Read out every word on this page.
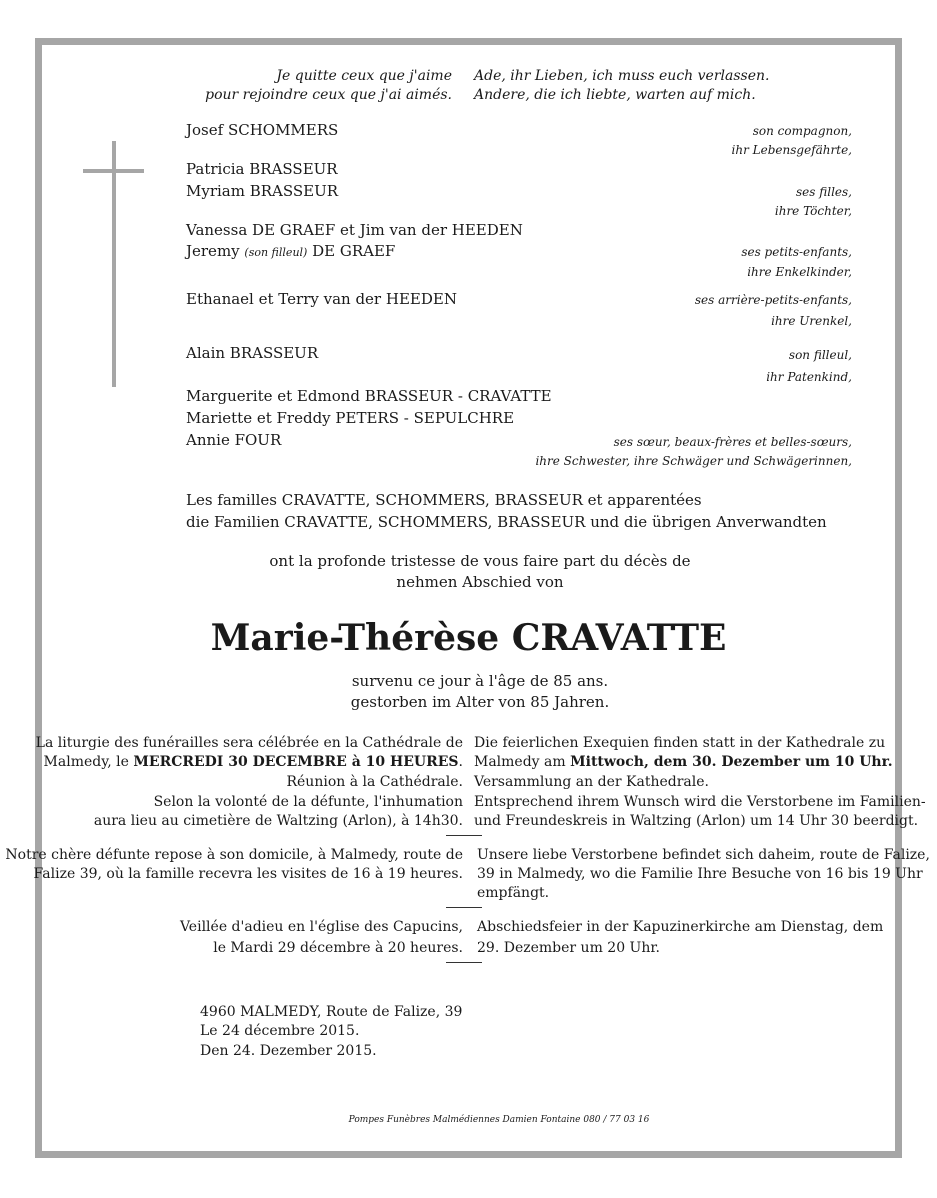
Je quitte ceux que j'aime
pour rejoindre ceux que j'ai aimés.
Ade, ihr Lieben, ich muss euch verlassen.
Andere, die ich liebte, warten auf mich.
Josef SCHOMMERS	son compagnon,
ihr Lebensgefährte,
Patricia BRASSEUR
Myriam BRASSEUR	ses filles,
ihre Töchter,
Vanessa DE GRAEF et Jim van der HEEDEN
Jeremy (son filleul) DE GRAEF	ses petits-enfants,
ihre Enkelkinder,
Ethanael et Terry van der HEEDEN	ses arrière-petits-enfants,
ihre Urenkel,
Alain BRASSEUR	son filleul,
ihr Patenkind,
Marguerite et Edmond BRASSEUR - CRAVATTE
Mariette et Freddy PETERS - SEPULCHRE
Annie FOUR	ses sœur, beaux-frères et belles-sœurs,
ihre Schwester, ihre Schwäger und Schwägerinnen,
Les familles CRAVATTE, SCHOMMERS, BRASSEUR et apparentées
die Familien CRAVATTE, SCHOMMERS, BRASSEUR und die übrigen Anverwandten
ont la profonde tristesse de vous faire part du décès de
nehmen Abschied von
Marie-Thérèse CRAVATTE
survenu ce jour à l'âge de 85 ans.
gestorben im Alter von 85 Jahren.
La liturgie des funérailles sera célébrée en la Cathédrale de
Malmedy, le MERCREDI 30 DECEMBRE à 10 HEURES.
Réunion à la Cathédrale.
Selon la volonté de la défunte, l'inhumation
aura lieu au cimetière de Waltzing (Arlon), à 14h30.
Die feierlichen Exequien finden statt in der Kathedrale zu
Malmedy am Mittwoch, dem 30. Dezember um 10 Uhr.
Versammlung an der Kathedrale.
Entsprechend ihrem Wunsch wird die Verstorbene im Familien-
und Freundeskreis in Waltzing (Arlon) um 14 Uhr 30 beerdigt.
Notre chère défunte repose à son domicile, à Malmedy, route de
Falize 39, où la famille recevra les visites de 16 à 19 heures.
Unsere liebe Verstorbene befindet sich daheim, route de Falize,
39 in Malmedy, wo die Familie Ihre Besuche von 16 bis 19 Uhr
empfängt.
Veillée d'adieu en l'église des Capucins,
le Mardi 29 décembre à 20 heures.
Abschiedsfeier in der Kapuzinerkirche am Dienstag, dem
29. Dezember um 20 Uhr.
4960 MALMEDY, Route de Falize, 39
Le 24 décembre 2015.
Den 24. Dezember 2015.
Pompes Funèbres Malmédiennes Damien Fontaine 080 / 77 03 16
